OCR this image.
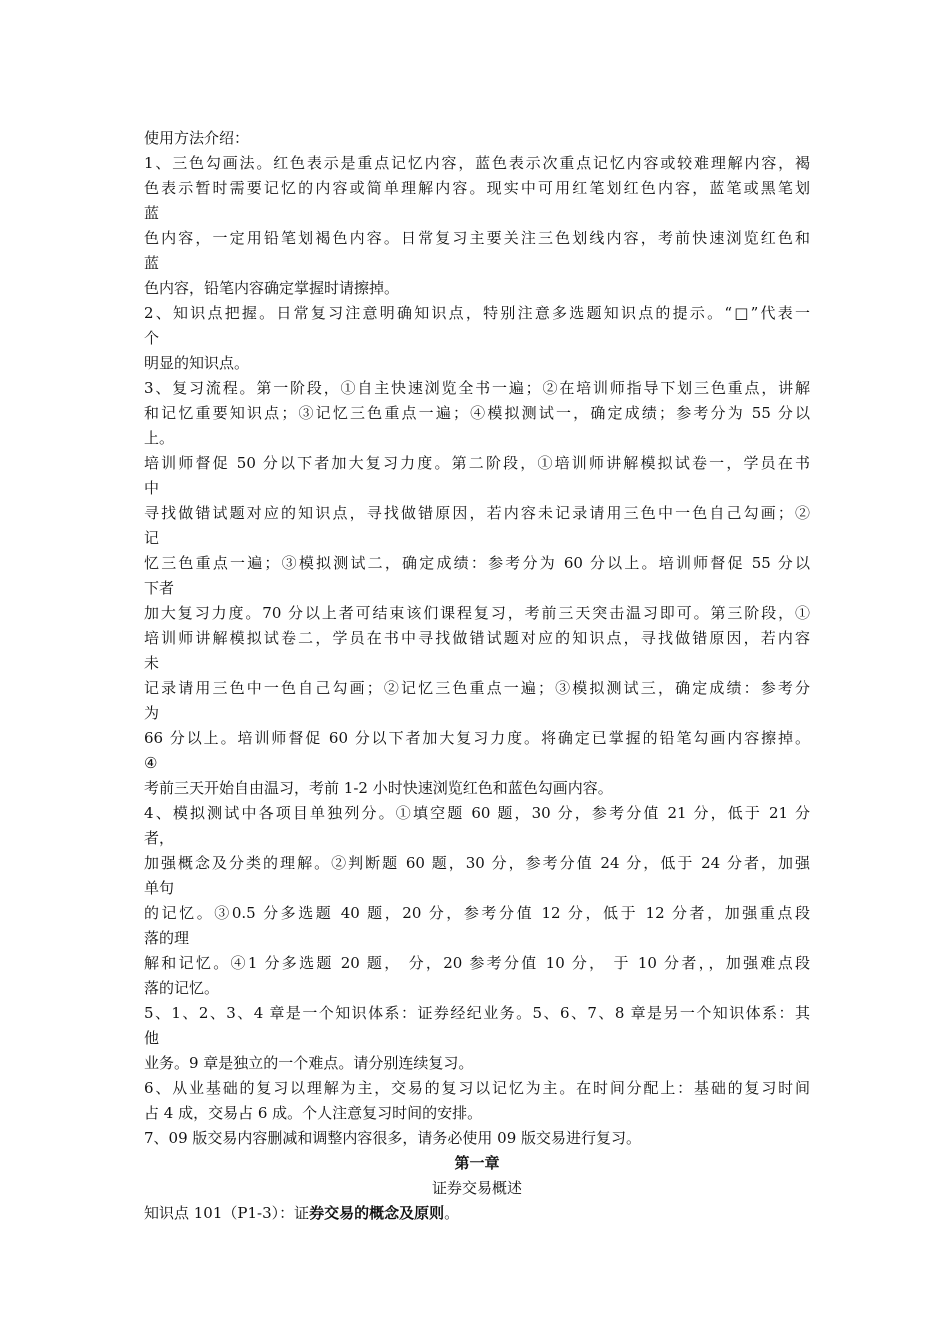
使用方法介绍：
1、三色勾画法。红色表示是重点记忆内容，蓝色表示次重点记忆内容或较难理解内容，褐
色表示暂时需要记忆的内容或简单理解内容。现实中可用红笔划红色内容，蓝笔或黑笔划
蓝
色内容，一定用铅笔划褐色内容。日常复习主要关注三色划线内容，考前快速浏览红色和
蓝
色内容，铅笔内容确定掌握时请擦掉。
2、知识点把握。日常复习注意明确知识点，特别注意多选题知识点的提示。“□”代表一
个
明显的知识点。
3、复习流程。第一阶段，①自主快速浏览全书一遍；②在培训师指导下划三色重点，讲解
和记忆重要知识点；③记忆三色重点一遍；④模拟测试一，确定成绩；参考分为 55 分以
上。
培训师督促 50 分以下者加大复习力度。第二阶段，①培训师讲解模拟试卷一，学员在书
中
寻找做错试题对应的知识点，寻找做错原因，若内容未记录请用三色中一色自己勾画；②
记
忆三色重点一遍；③模拟测试二，确定成绩：参考分为 60 分以上。培训师督促 55 分以
下者
加大复习力度。70 分以上者可结束该们课程复习，考前三天突击温习即可。第三阶段，①
培训师讲解模拟试卷二，学员在书中寻找做错试题对应的知识点，寻找做错原因，若内容
未
记录请用三色中一色自己勾画；②记忆三色重点一遍；③模拟测试三，确定成绩：参考分
为
66 分以上。培训师督促 60 分以下者加大复习力度。将确定已掌握的铅笔勾画内容擦掉。
④
考前三天开始自由温习，考前 1-2 小时快速浏览红色和蓝色勾画内容。
4、模拟测试中各项目单独列分。①填空题 60 题，30 分，参考分值 21 分，低于 21 分
者，
加强概念及分类的理解。②判断题 60 题，30 分，参考分值 24 分，低于 24 分者，加强
单句
的记忆。③0.5 分多选题 40 题，20 分，参考分值 12 分，低于 12 分者，加强重点段
落的理
解和记忆。④1 分多选题 20 题， 分，20 参考分值 10 分， 于 10 分者，，加强难点段
落的记忆。
5、1、2、3、4 章是一个知识体系：证券经纪业务。5、6、7、8 章是另一个知识体系：其
他
业务。9 章是独立的一个难点。请分别连续复习。
6、从业基础的复习以理解为主，交易的复习以记忆为主。在时间分配上：基础的复习时间
占 4 成，交易占 6 成。个人注意复习时间的安排。
7、09 版交易内容删减和调整内容很多，请务必使用 09 版交易进行复习。
第一章
证券交易概述
知识点 101（P1-3）：证券交易的概念及原则。
